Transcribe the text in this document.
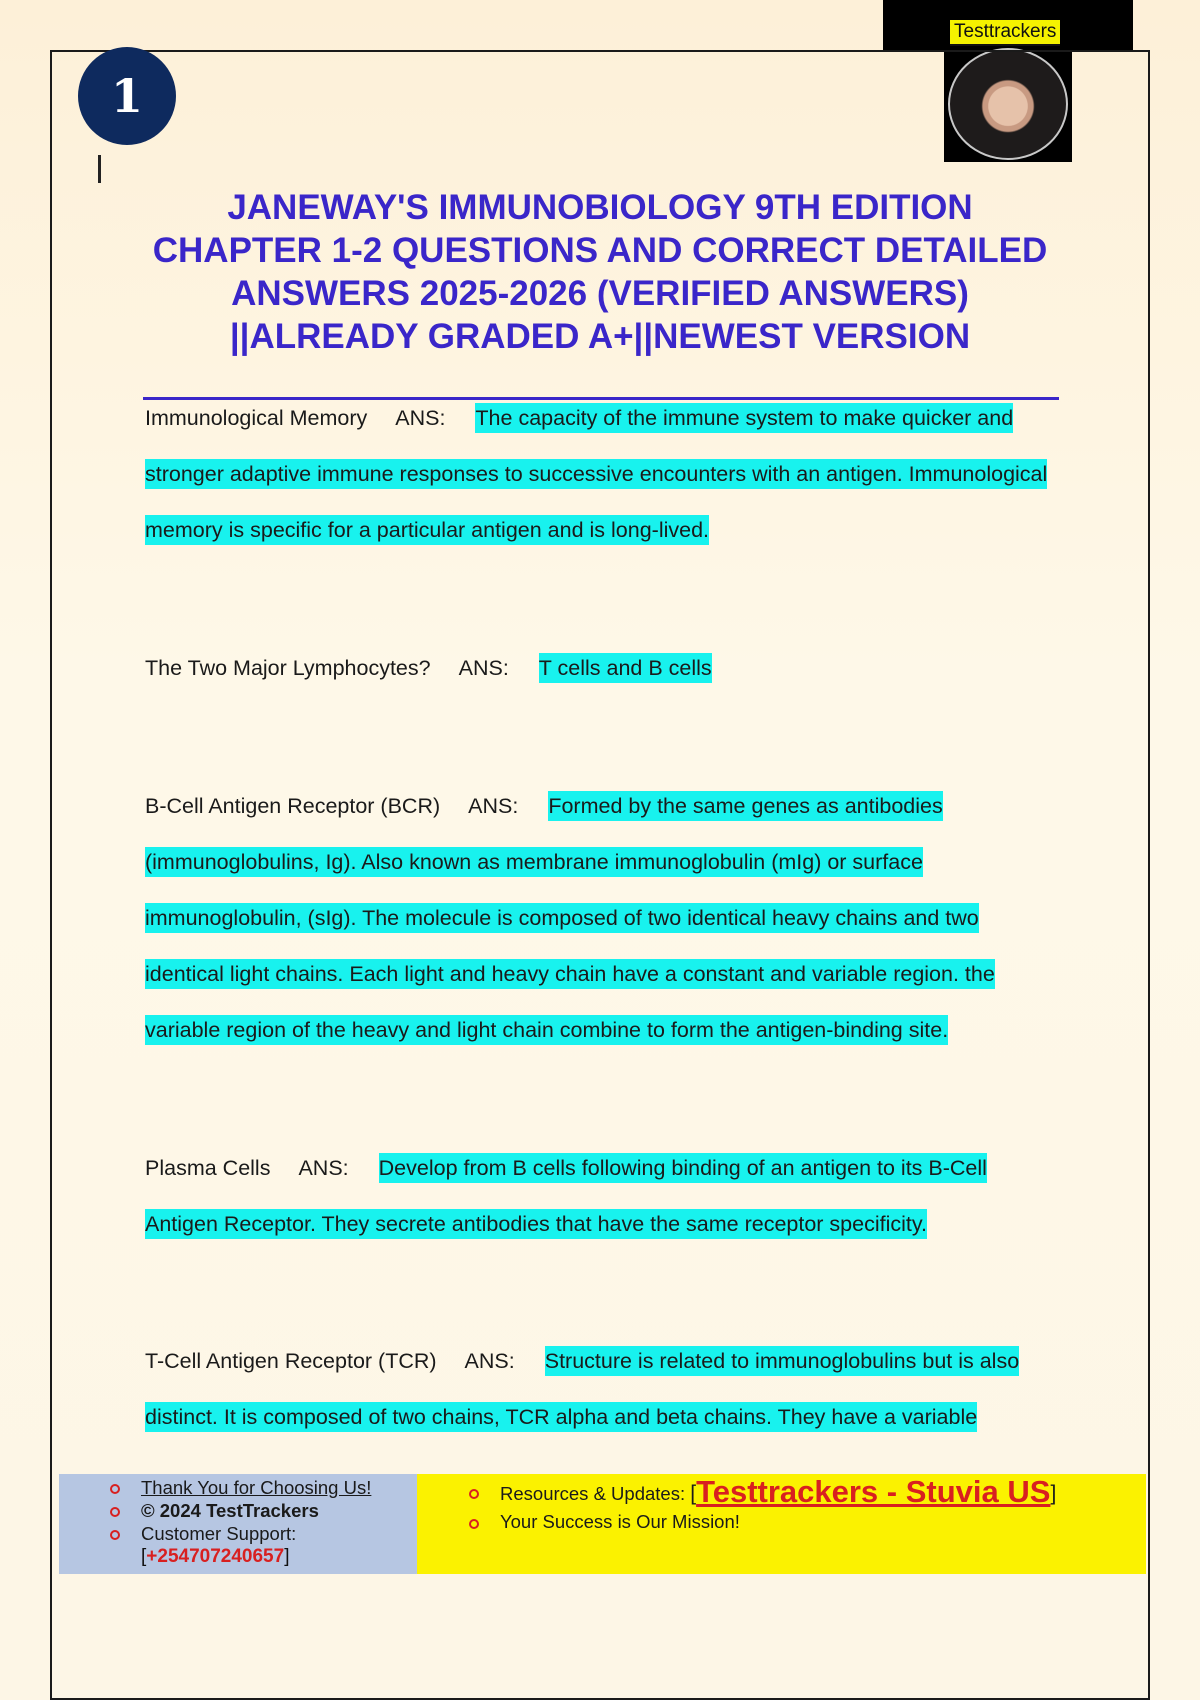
Testtrackers
1
JANEWAY'S IMMUNOBIOLOGY 9TH EDITION CHAPTER 1-2 QUESTIONS AND CORRECT DETAILED ANSWERS 2025-2026 (VERIFIED ANSWERS) ||ALREADY GRADED A+||NEWEST VERSION

Immunological Memory ANS: The capacity of the immune system to make quicker and stronger adaptive immune responses to successive encounters with an antigen. Immunological memory is specific for a particular antigen and is long-lived.

The Two Major Lymphocytes? ANS: T cells and B cells

B-Cell Antigen Receptor (BCR) ANS: Formed by the same genes as antibodies (immunoglobulins, Ig). Also known as membrane immunoglobulin (mIg) or surface immunoglobulin, (sIg). The molecule is composed of two identical heavy chains and two identical light chains. Each light and heavy chain have a constant and variable region. the variable region of the heavy and light chain combine to form the antigen-binding site.

Plasma Cells ANS: Develop from B cells following binding of an antigen to its B-Cell Antigen Receptor. They secrete antibodies that have the same receptor specificity.

T-Cell Antigen Receptor (TCR) ANS: Structure is related to immunoglobulins but is also distinct. It is composed of two chains, TCR alpha and beta chains. They have a variable

Thank You for Choosing Us!
© 2024 TestTrackers
Customer Support:
[+254707240657]
Resources & Updates: [Testtrackers - Stuvia US]
Your Success is Our Mission!
